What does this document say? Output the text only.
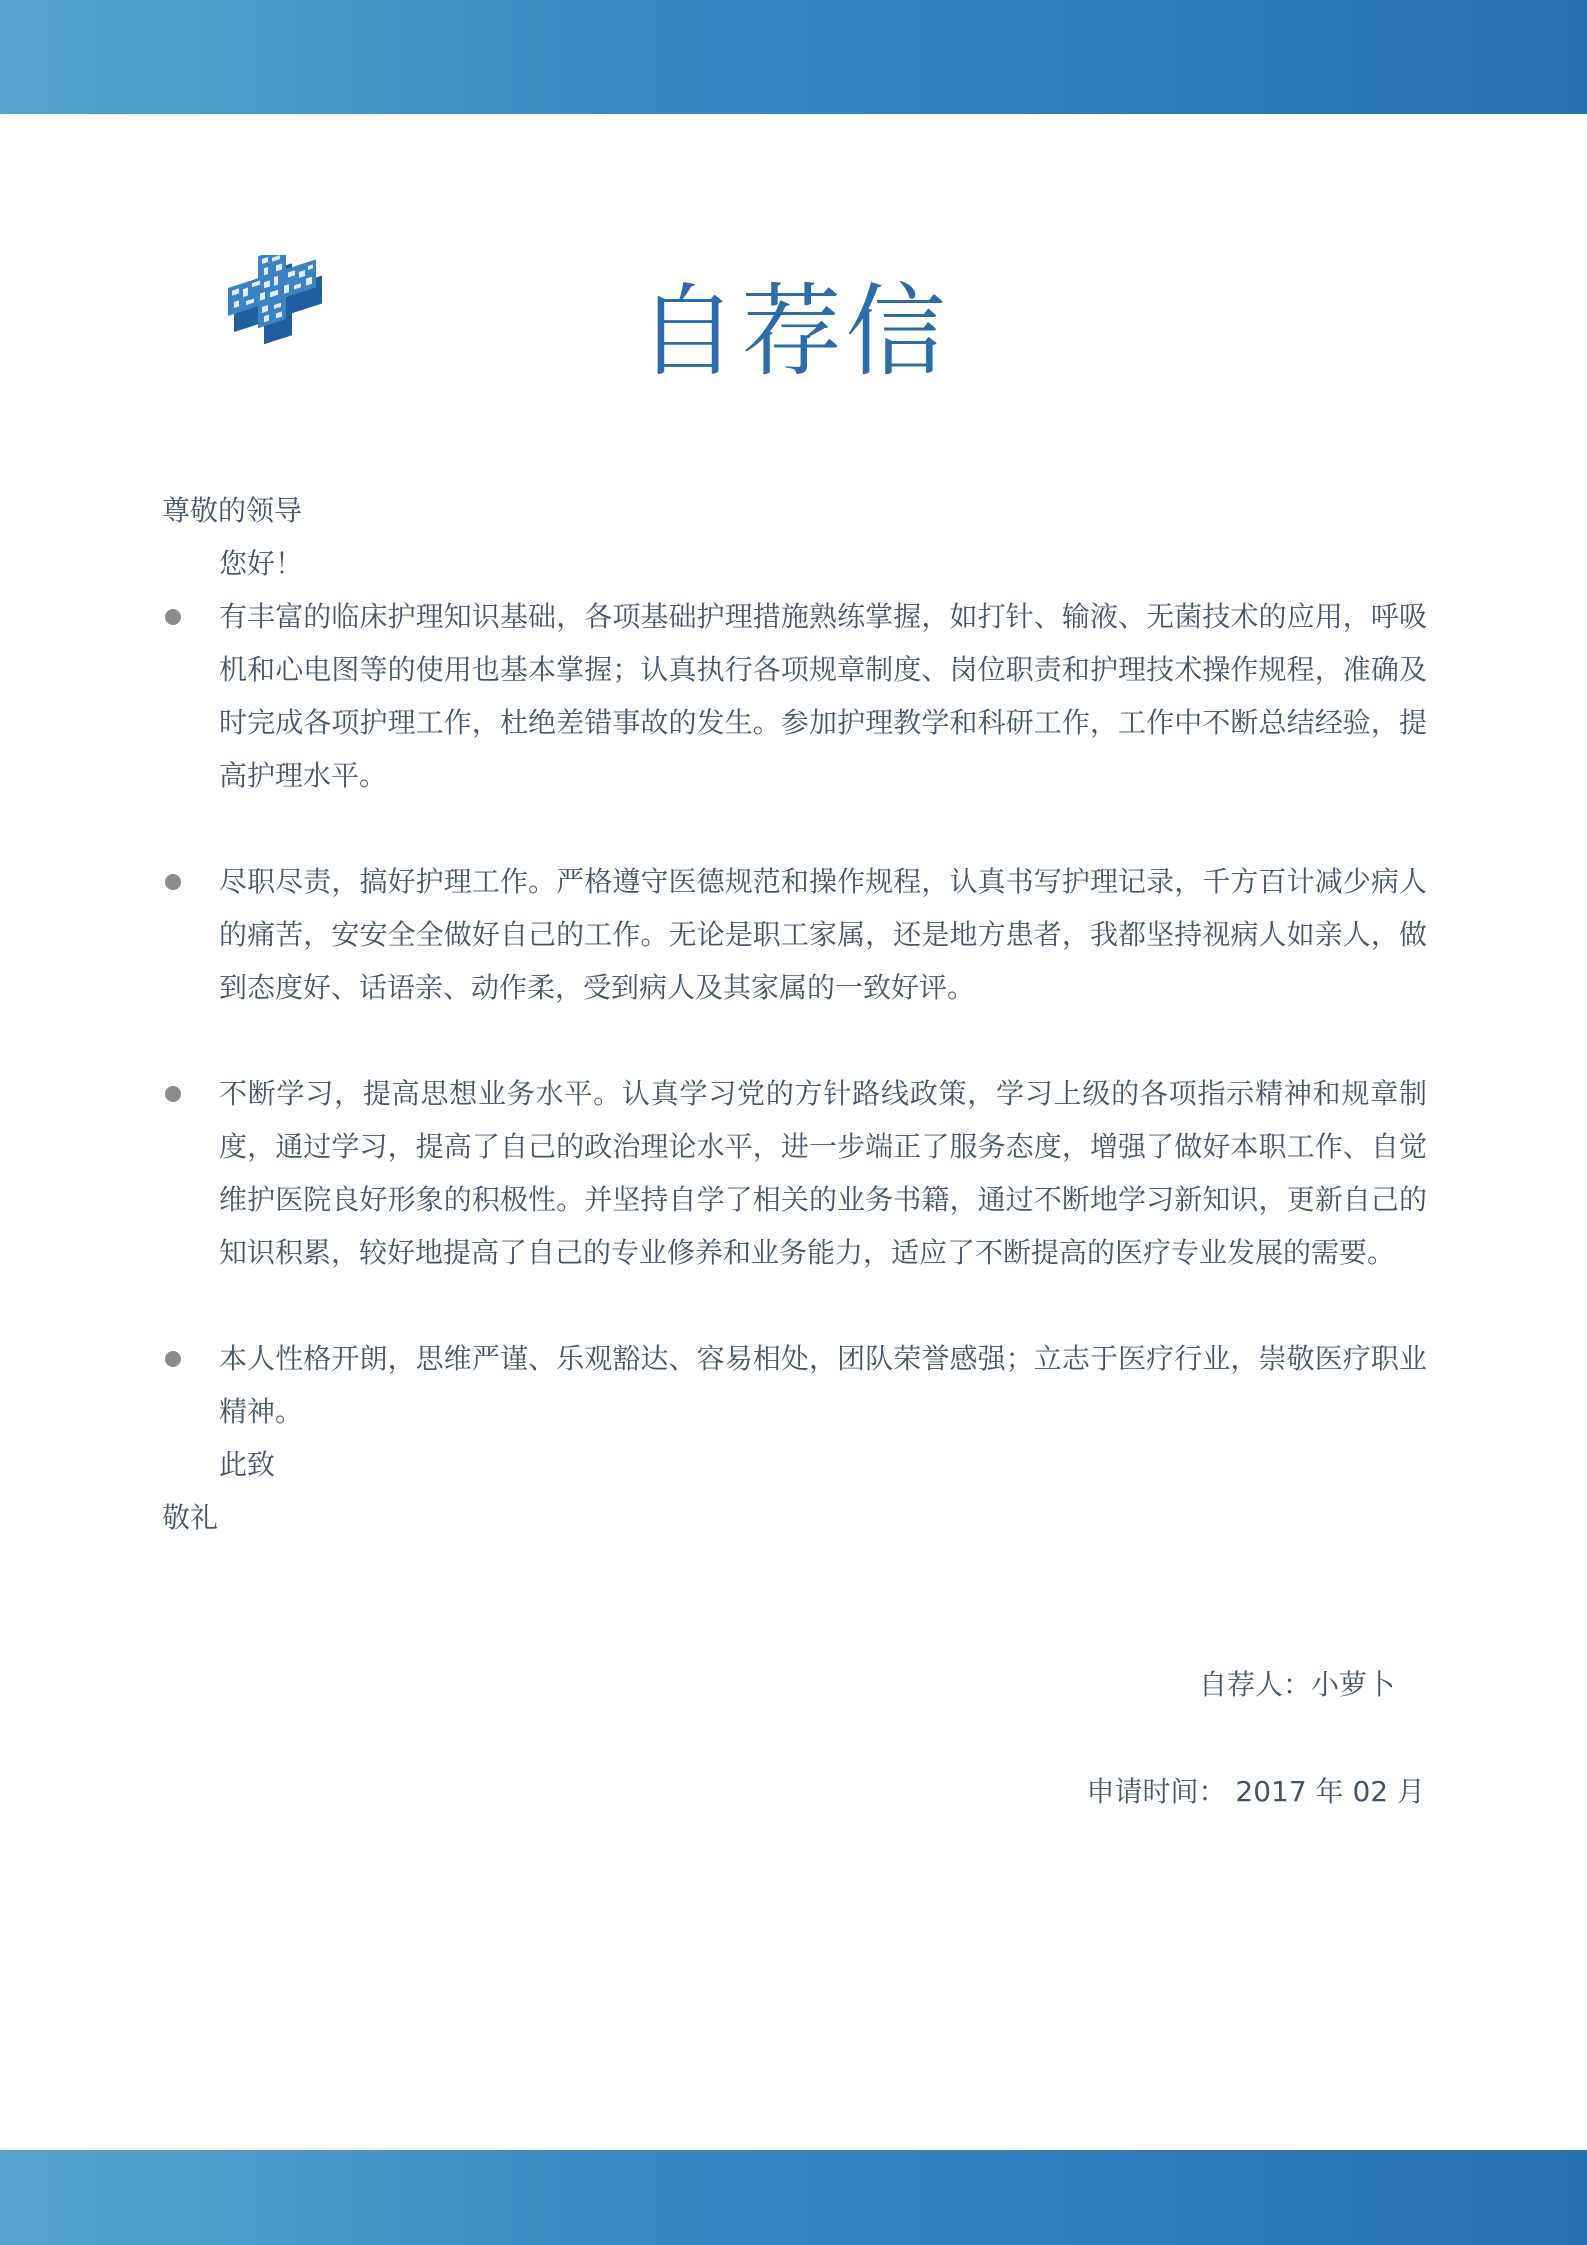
自荐信

尊敬的领导

您好！

有丰富的临床护理知识基础，各项基础护理措施熟练掌握，如打针、输液、无菌技术的应用，呼吸机和心电图等的使用也基本掌握；认真执行各项规章制度、岗位职责和护理技术操作规程，准确及时完成各项护理工作，杜绝差错事故的发生。参加护理教学和科研工作，工作中不断总结经验，提高护理水平。
尽职尽责，搞好护理工作。严格遵守医德规范和操作规程，认真书写护理记录，千方百计减少病人的痛苦，安安全全做好自己的工作。无论是职工家属，还是地方患者，我都坚持视病人如亲人，做到态度好、话语亲、动作柔，受到病人及其家属的一致好评。
不断学习，提高思想业务水平。认真学习党的方针路线政策，学习上级的各项指示精神和规章制度，通过学习，提高了自己的政治理论水平，进一步端正了服务态度，增强了做好本职工作、自觉维护医院良好形象的积极性。并坚持自学了相关的业务书籍，通过不断地学习新知识，更新自己的知识积累，较好地提高了自己的专业修养和业务能力，适应了不断提高的医疗专业发展的需要。
本人性格开朗，思维严谨、乐观豁达、容易相处，团队荣誉感强；立志于医疗行业，崇敬医疗职业精神。

此致

敬礼

自荐人：小萝卜
申请时间： 2017 年 02 月
